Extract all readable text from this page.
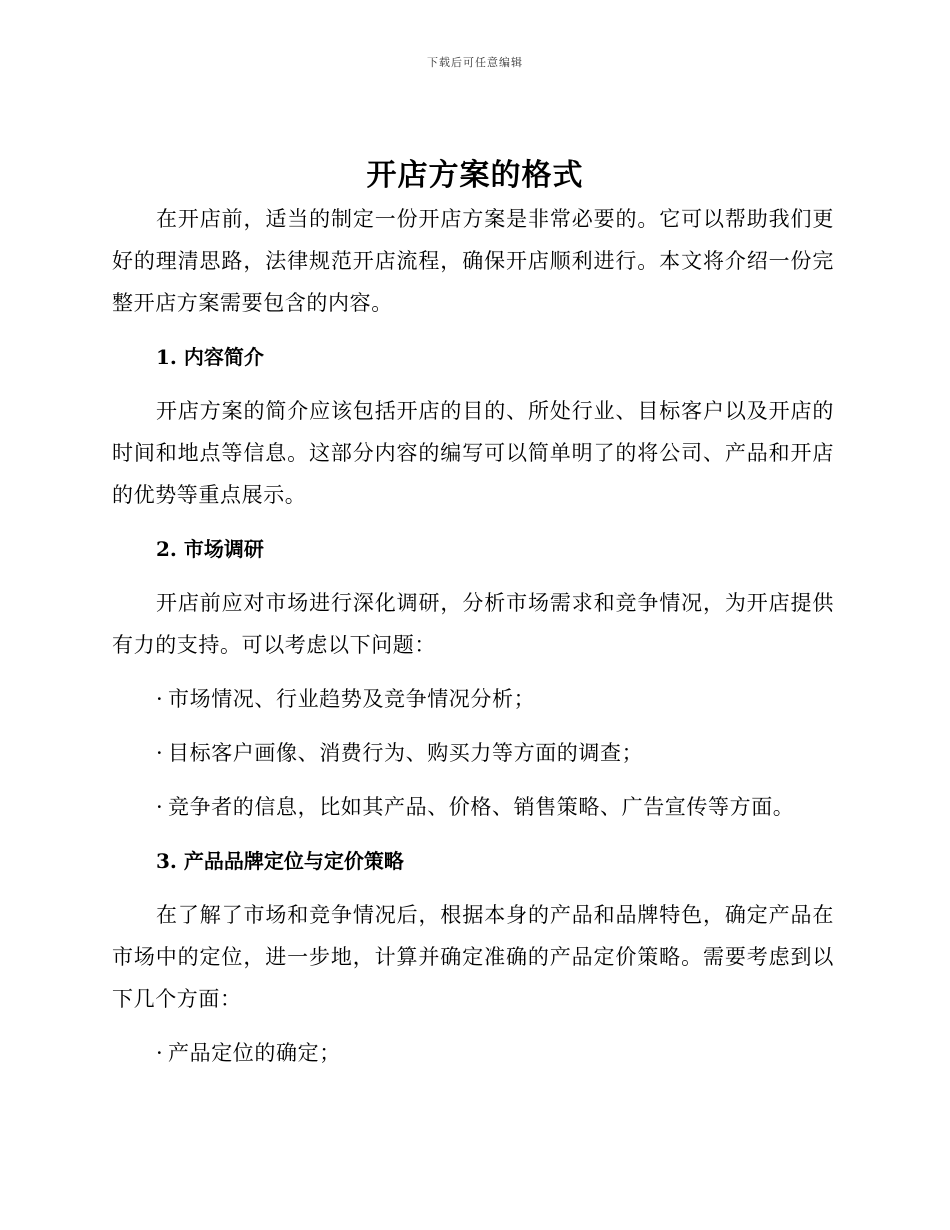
下载后可任意编辑
开店方案的格式

在开店前，适当的制定一份开店方案是非常必要的。它可以帮助我们更好的理清思路，法律规范开店流程，确保开店顺利进行。本文将介绍一份完整开店方案需要包含的内容。

1. 内容简介

开店方案的简介应该包括开店的目的、所处行业、目标客户以及开店的时间和地点等信息。这部分内容的编写可以简单明了的将公司、产品和开店的优势等重点展示。

2. 市场调研

开店前应对市场进行深化调研，分析市场需求和竞争情况，为开店提供有力的支持。可以考虑以下问题：

· 市场情况、行业趋势及竞争情况分析；

· 目标客户画像、消费行为、购买力等方面的调查；

· 竞争者的信息，比如其产品、价格、销售策略、广告宣传等方面。

3. 产品品牌定位与定价策略

在了解了市场和竞争情况后，根据本身的产品和品牌特色，确定产品在市场中的定位，进一步地，计算并确定准确的产品定价策略。需要考虑到以下几个方面：

· 产品定位的确定；
